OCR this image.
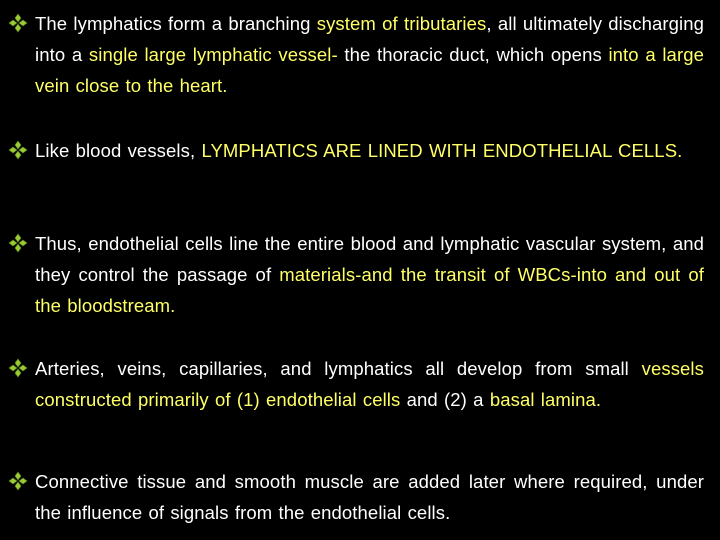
The lymphatics form a branching system of tributaries, all ultimately discharging into a single large lymphatic vessel- the thoracic duct, which opens into a large vein close to the heart.
Like blood vessels, LYMPHATICS ARE LINED WITH ENDOTHELIAL CELLS.
Thus, endothelial cells line the entire blood and lymphatic vascular system, and they control the passage of materials-and the transit of WBCs-into and out of the bloodstream.
Arteries, veins, capillaries, and lymphatics all develop from small vessels constructed primarily of (1) endothelial cells and (2) a basal lamina.
Connective tissue and smooth muscle are added later where required, under the influence of signals from the endothelial cells.
